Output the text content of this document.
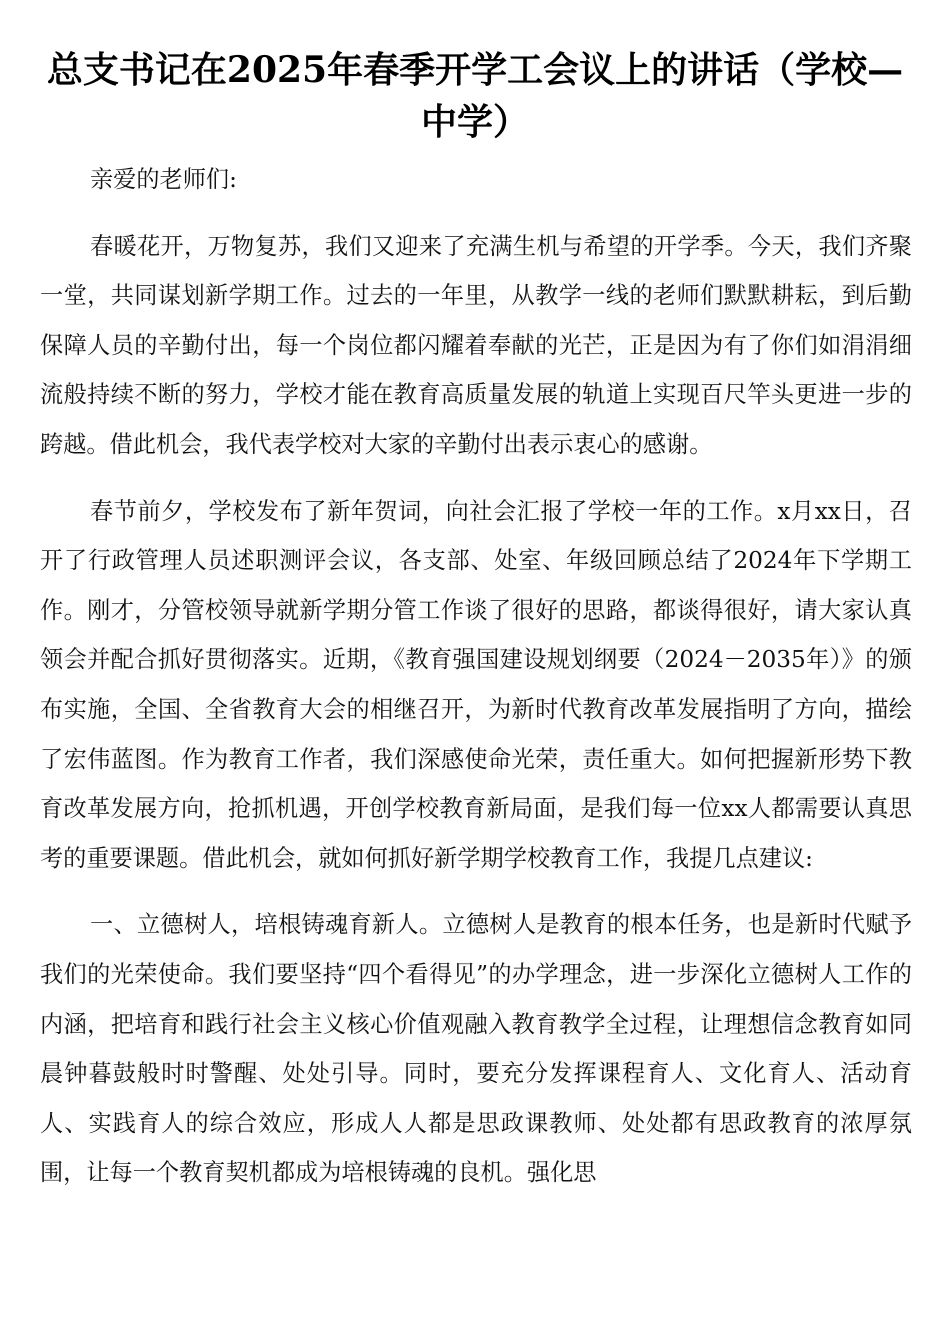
总支书记在2025年春季开学工会议上的讲话（学校—中学）

亲爱的老师们:

春暖花开，万物复苏，我们又迎来了充满生机与希望的开学季。今天，我们齐聚一堂，共同谋划新学期工作。过去的一年里，从教学一线的老师们默默耕耘，到后勤保障人员的辛勤付出，每一个岗位都闪耀着奉献的光芒，正是因为有了你们如涓涓细流般持续不断的努力，学校才能在教育高质量发展的轨道上实现百尺竿头更进一步的跨越。借此机会，我代表学校对大家的辛勤付出表示衷心的感谢。

春节前夕，学校发布了新年贺词，向社会汇报了学校一年的工作。x月xx日，召开了行政管理人员述职测评会议，各支部、处室、年级回顾总结了2024年下学期工作。刚才，分管校领导就新学期分管工作谈了很好的思路，都谈得很好，请大家认真领会并配合抓好贯彻落实。近期，《教育强国建设规划纲要（2024－2035年）》的颁布实施，全国、全省教育大会的相继召开，为新时代教育改革发展指明了方向，描绘了宏伟蓝图。作为教育工作者，我们深感使命光荣，责任重大。如何把握新形势下教育改革发展方向，抢抓机遇，开创学校教育新局面，是我们每一位xx人都需要认真思考的重要课题。借此机会，就如何抓好新学期学校教育工作，我提几点建议:

一、立德树人，培根铸魂育新人。立德树人是教育的根本任务，也是新时代赋予我们的光荣使命。我们要坚持“四个看得见”的办学理念，进一步深化立德树人工作的内涵，把培育和践行社会主义核心价值观融入教育教学全过程，让理想信念教育如同晨钟暮鼓般时时警醒、处处引导。同时，要充分发挥课程育人、文化育人、活动育人、实践育人的综合效应，形成人人都是思政课教师、处处都有思政教育的浓厚氛围，让每一个教育契机都成为培根铸魂的良机。强化思
